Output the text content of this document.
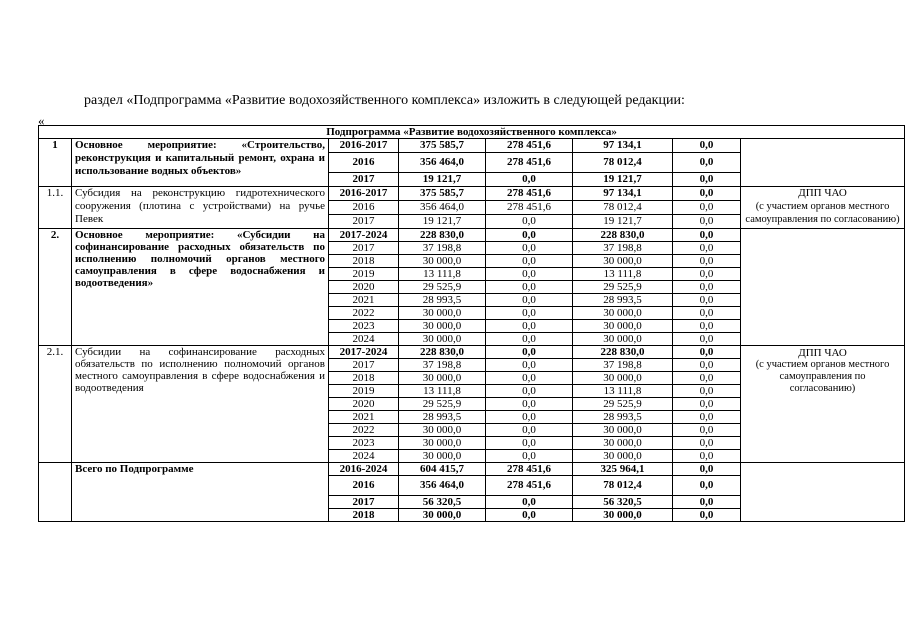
раздел «Подпрограмма «Развитие водохозяйственного комплекса» изложить в следующей редакции:
«
Подпрограмма «Развитие водохозяйственного комплекса»							
1	Основное мероприятие: «Строительство, реконструкция и капитальный ремонт, охрана и использование водных объектов»	2016-2017	375 585,7	278 451,6	97 134,1	0,0	
		2016	356 464,0	278 451,6	78 012,4	0,0	
		2017	19 121,7	0,0	19 121,7	0,0	
1.1.	Субсидия на реконструкцию гидротехнического сооружения (плотина с устройствами) на ручье Певек	2016-2017	375 585,7	278 451,6	97 134,1	0,0	ДПП ЧАО
(с участием органов местного самоуправления по согласованию)

		2016	356 464,0	278 451,6	78 012,4	0,0	
		2017	19 121,7	0,0	19 121,7	0,0	
2.	Основное мероприятие: «Субсидии на софинансирование расходных обязательств по исполнению полномочий органов местного самоуправления в сфере водоснабжения и водоотведения»	2017-2024	228 830,0	0,0	228 830,0	0,0	
		2017	37 198,8	0,0	37 198,8	0,0	
		2018	30 000,0	0,0	30 000,0	0,0	
		2019	13 111,8	0,0	13 111,8	0,0	
		2020	29 525,9	0,0	29 525,9	0,0	
		2021	28 993,5	0,0	28 993,5	0,0	
		2022	30 000,0	0,0	30 000,0	0,0	
		2023	30 000,0	0,0	30 000,0	0,0	
		2024	30 000,0	0,0	30 000,0	0,0	
2.1.	Субсидии на софинансирование расходных обязательств по исполнению полномочий органов местного самоуправления в сфере водоснабжения и водоотведения	2017-2024	228 830,0	0,0	228 830,0	0,0	ДПП ЧАО
(с участием органов местного самоуправления по согласованию)

		2017	37 198,8	0,0	37 198,8	0,0	
		2018	30 000,0	0,0	30 000,0	0,0	
		2019	13 111,8	0,0	13 111,8	0,0	
		2020	29 525,9	0,0	29 525,9	0,0	
		2021	28 993,5	0,0	28 993,5	0,0	
		2022	30 000,0	0,0	30 000,0	0,0	
		2023	30 000,0	0,0	30 000,0	0,0	
		2024	30 000,0	0,0	30 000,0	0,0	
	Всего по Подпрограмме	2016-2024	604 415,7	278 451,6	325 964,1	0,0	
		2016	356 464,0	278 451,6	78 012,4	0,0	
		2017	56 320,5	0,0	56 320,5	0,0	
		2018	30 000,0	0,0	30 000,0	0,0	
